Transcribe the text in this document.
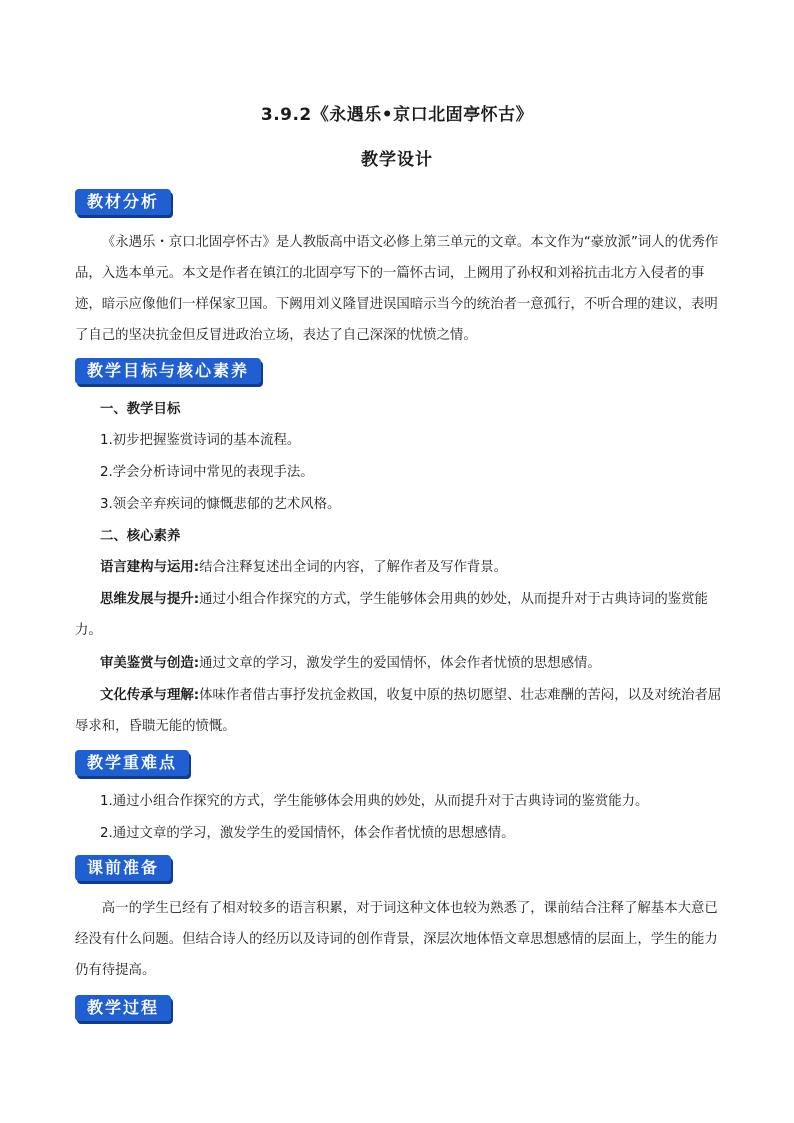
3.9.2《永遇乐•京口北固亭怀古》
教学设计
教材分析

《永遇乐・京口北固亭怀古》是人教版高中语文必修上第三单元的文章。本文作为“豪放派”词人的优秀作品，入选本单元。本文是作者在镇江的北固亭写下的一篇怀古词，上阙用了孙权和刘裕抗击北方入侵者的事迹，暗示应像他们一样保家卫国。下阙用刘义隆冒进误国暗示当今的统治者一意孤行，不听合理的建议，表明了自己的坚决抗金但反冒进政治立场，表达了自己深深的忧愤之情。

教学目标与核心素养

一、教学目标

1.初步把握鉴赏诗词的基本流程。

2.学会分析诗词中常见的表现手法。

3.领会辛弃疾词的慷慨悲郁的艺术风格。

二、核心素养

语言建构与运用:结合注释复述出全词的内容，了解作者及写作背景。

思维发展与提升:通过小组合作探究的方式，学生能够体会用典的妙处，从而提升对于古典诗词的鉴赏能力。

审美鉴赏与创造:通过文章的学习，激发学生的爱国情怀，体会作者忧愤的思想感情。

文化传承与理解:体味作者借古事抒发抗金救国，收复中原的热切愿望、壮志难酬的苦闷，以及对统治者屈辱求和，昏聩无能的愤慨。

教学重难点

1.通过小组合作探究的方式，学生能够体会用典的妙处，从而提升对于古典诗词的鉴赏能力。

2.通过文章的学习，激发学生的爱国情怀，体会作者忧愤的思想感情。

课前准备

高一的学生已经有了相对较多的语言积累，对于词这种文体也较为熟悉了，课前结合注释了解基本大意已经没有什么问题。但结合诗人的经历以及诗词的创作背景，深层次地体悟文章思想感情的层面上，学生的能力仍有待提高。

教学过程
